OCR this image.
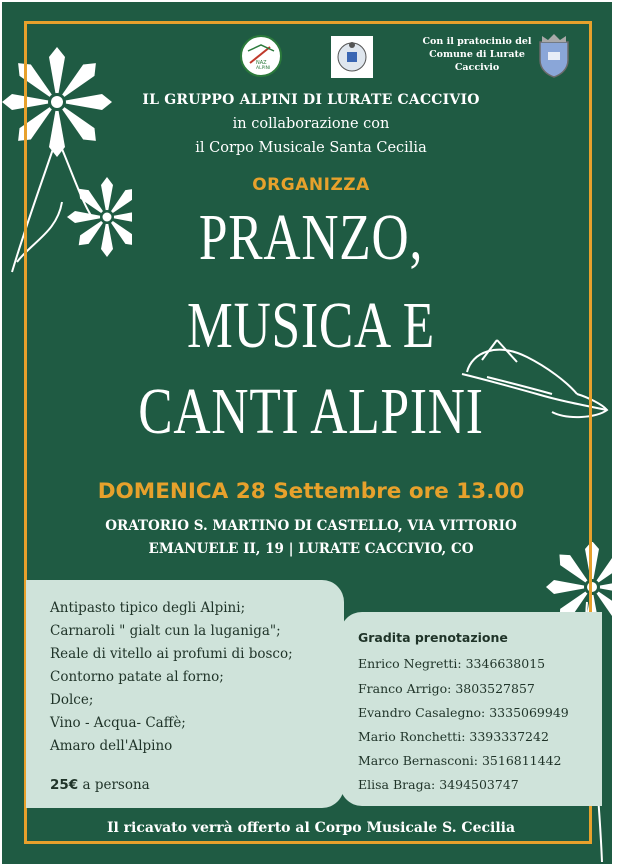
NAZ
ALPINI
Con il pratocinio del
Comune di Lurate
Caccivio
IL GRUPPO ALPINI DI LURATE CACCIVIO
in collaborazione con
il Corpo Musicale Santa Cecilia
ORGANIZZA
PRANZO,
MUSICA E
CANTI ALPINI
DOMENICA 28 Settembre ore 13.00
ORATORIO S. MARTINO DI CASTELLO, VIA VITTORIO
EMANUELE II, 19 | LURATE CACCIVIO, CO
Antipasto tipico degli Alpini;
Carnaroli " gialt cun la luganiga";
Reale di vitello ai profumi di bosco;
Contorno patate al forno;
Dolce;
Vino - Acqua- Caffè;
Amaro dell'Alpino
25€ a persona
Gradita prenotazione
Enrico Negretti: 3346638015
Franco Arrigo: 3803527857
Evandro Casalegno: 3335069949
Mario Ronchetti: 3393337242
Marco Bernasconi: 3516811442
Elisa Braga: 3494503747
Il ricavato verrà offerto al Corpo Musicale S. Cecilia
